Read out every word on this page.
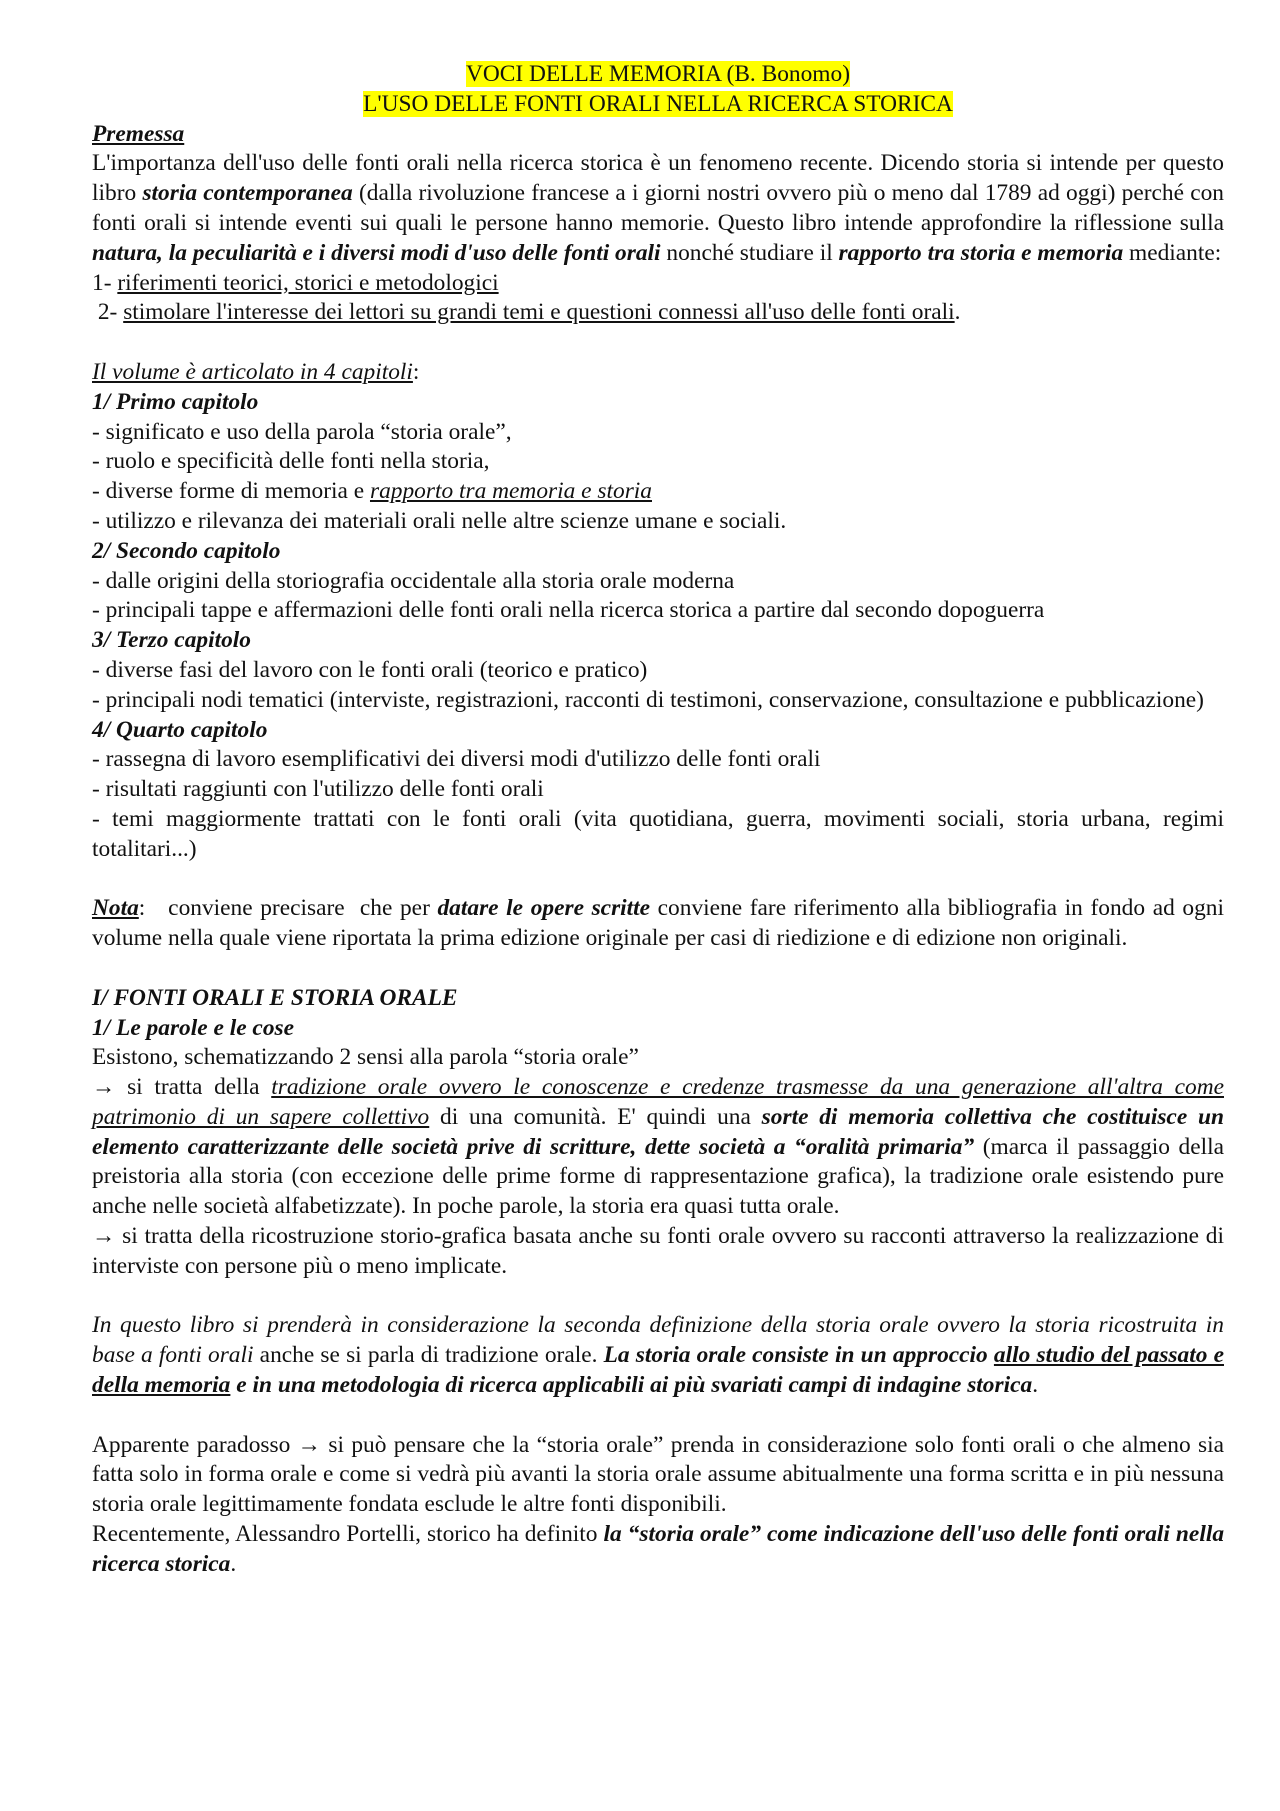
VOCI DELLE MEMORIA (B. Bonomo)
L'USO DELLE FONTI ORALI NELLA RICERCA STORICA

Premessa

L'importanza dell'uso delle fonti orali nella ricerca storica è un fenomeno recente. Dicendo storia si intende per questo libro storia contemporanea (dalla rivoluzione francese a i giorni nostri ovvero più o meno dal 1789 ad oggi) perché con fonti orali si intende eventi sui quali le persone hanno memorie. Questo libro intende approfondire la riflessione sulla natura, la peculiarità e i diversi modi d'uso delle fonti orali nonché studiare il rapporto tra storia e memoria mediante:

1- riferimenti teorici, storici e metodologici

2- stimolare l'interesse dei lettori su grandi temi e questioni connessi all'uso delle fonti orali.

Il volume è articolato in 4 capitoli:

1/ Primo capitolo

- significato e uso della parola “storia orale”,

- ruolo e specificità delle fonti nella storia,

- diverse forme di memoria e rapporto tra memoria e storia

- utilizzo e rilevanza dei materiali orali nelle altre scienze umane e sociali.

2/ Secondo capitolo

- dalle origini della storiografia occidentale alla storia orale moderna

- principali tappe e affermazioni delle fonti orali nella ricerca storica a partire dal secondo dopoguerra

3/ Terzo capitolo

- diverse fasi del lavoro con le fonti orali (teorico e pratico)

- principali nodi tematici (interviste, registrazioni, racconti di testimoni, conservazione, consultazione e pubblicazione)

4/ Quarto capitolo

- rassegna di lavoro esemplificativi dei diversi modi d'utilizzo delle fonti orali

- risultati raggiunti con l'utilizzo delle fonti orali

- temi maggiormente trattati con le fonti orali (vita quotidiana, guerra, movimenti sociali, storia urbana, regimi totalitari...)

Nota:   conviene precisare  che per datare le opere scritte conviene fare riferimento alla bibliografia in fondo ad ogni volume nella quale viene riportata la prima edizione originale per casi di riedizione e di edizione non originali.

I/ FONTI ORALI E STORIA ORALE

1/ Le parole e le cose

Esistono, schematizzando 2 sensi alla parola “storia orale”

→ si tratta della tradizione orale ovvero le conoscenze e credenze trasmesse da una generazione all'altra come patrimonio di un sapere collettivo di una comunità. E' quindi una sorte di memoria collettiva che costituisce un elemento caratterizzante delle società prive di scritture, dette società a “oralità primaria” (marca il passaggio della preistoria alla storia (con eccezione delle prime forme di rappresentazione grafica), la tradizione orale esistendo pure anche nelle società alfabetizzate). In poche parole, la storia era quasi tutta orale.

→ si tratta della ricostruzione storio-grafica basata anche su fonti orale ovvero su racconti attraverso la realizzazione di interviste con persone più o meno implicate.

In questo libro si prenderà in considerazione la seconda definizione della storia orale ovvero la storia ricostruita in base a fonti orali anche se si parla di tradizione orale. La storia orale consiste in un approccio allo studio del passato e della memoria e in una metodologia di ricerca applicabili ai più svariati campi di indagine storica.

Apparente paradosso → si può pensare che la “storia orale” prenda in considerazione solo fonti orali o che almeno sia fatta solo in forma orale e come si vedrà più avanti la storia orale assume abitualmente una forma scritta e in più nessuna storia orale legittimamente fondata esclude le altre fonti disponibili.

Recentemente, Alessandro Portelli, storico ha definito la “storia orale” come indicazione dell'uso delle fonti orali nella ricerca storica.
